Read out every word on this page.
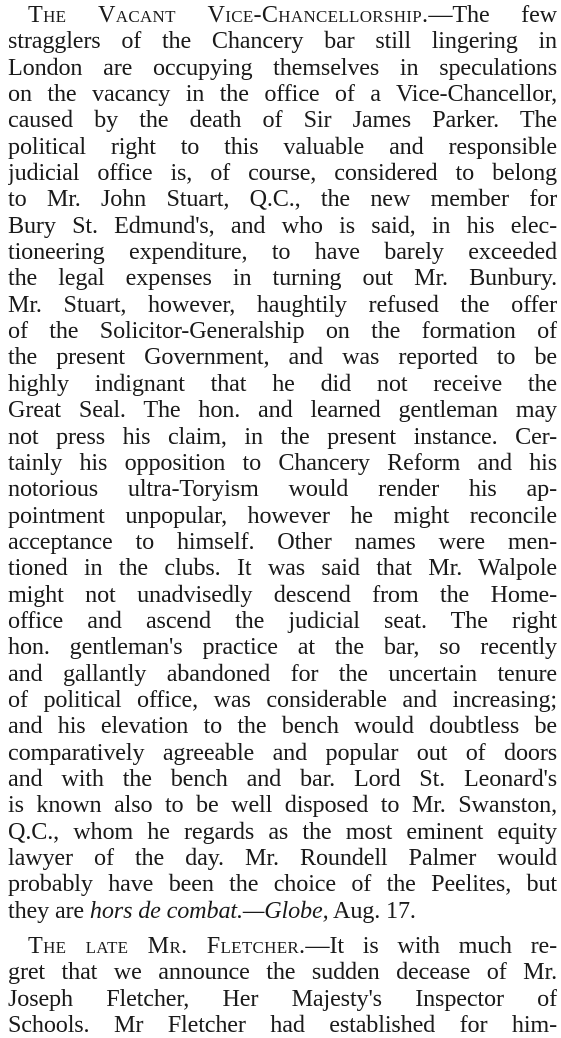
The Vacant Vice-Chancellorship.—The few
stragglers of the Chancery bar still lingering in
London are occupying themselves in speculations
on the vacancy in the office of a Vice-Chancellor,
caused by the death of Sir James Parker. The
political right to this valuable and responsible
judicial office is, of course, considered to belong
to Mr. John Stuart, Q.C., the new member for
Bury St. Edmund's, and who is said, in his elec-
tioneering expenditure, to have barely exceeded
the legal expenses in turning out Mr. Bunbury.
Mr. Stuart, however, haughtily refused the offer
of the Solicitor-Generalship on the formation of
the present Government, and was reported to be
highly indignant that he did not receive the
Great Seal. The hon. and learned gentleman may
not press his claim, in the present instance. Cer-
tainly his opposition to Chancery Reform and his
notorious ultra-Toryism would render his ap-
pointment unpopular, however he might reconcile
acceptance to himself. Other names were men-
tioned in the clubs. It was said that Mr. Walpole
might not unadvisedly descend from the Home-
office and ascend the judicial seat. The right
hon. gentleman's practice at the bar, so recently
and gallantly abandoned for the uncertain tenure
of political office, was considerable and increasing;
and his elevation to the bench would doubtless be
comparatively agreeable and popular out of doors
and with the bench and bar. Lord St. Leonard's
is known also to be well disposed to Mr. Swanston,
Q.C., whom he regards as the most eminent equity
lawyer of the day. Mr. Roundell Palmer would
probably have been the choice of the Peelites, but
they are hors de combat.—Globe, Aug. 17.
The late Mr. Fletcher.—It is with much re-
gret that we announce the sudden decease of Mr.
Joseph Fletcher, Her Majesty's Inspector of
Schools. Mr Fletcher had established for him-
